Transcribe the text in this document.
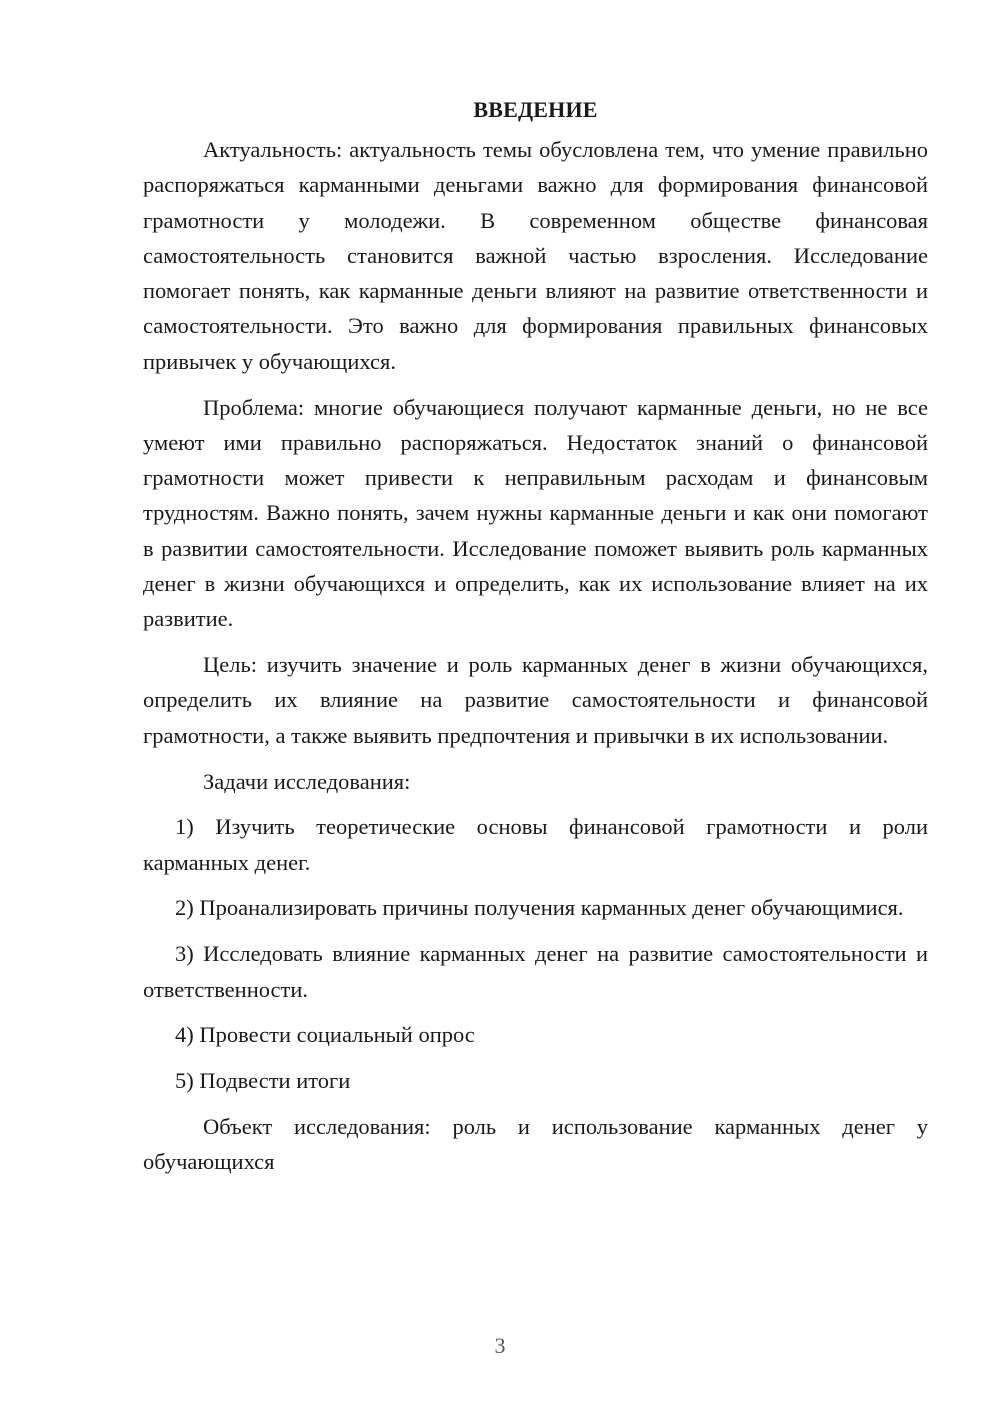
ВВЕДЕНИЕ

Актуальность: актуальность темы обусловлена тем, что умение правильно распоряжаться карманными деньгами важно для формирования финансовой грамотности у молодежи. В современном обществе финансовая самостоятельность становится важной частью взросления. Исследование помогает понять, как карманные деньги влияют на развитие ответственности и самостоятельности. Это важно для формирования правильных финансовых привычек у обучающихся.

Проблема: многие обучающиеся получают карманные деньги, но не все умеют ими правильно распоряжаться. Недостаток знаний о финансовой грамотности может привести к неправильным расходам и финансовым трудностям. Важно понять, зачем нужны карманные деньги и как они помогают в развитии самостоятельности. Исследование поможет выявить роль карманных денег в жизни обучающихся и определить, как их использование влияет на их развитие.

Цель: изучить значение и роль карманных денег в жизни обучающихся, определить их влияние на развитие самостоятельности и финансовой грамотности, а также выявить предпочтения и привычки в их использовании.

Задачи исследования:

1) Изучить теоретические основы финансовой грамотности и роли карманных денег.

2) Проанализировать причины получения карманных денег обучающимися.

3) Исследовать влияние карманных денег на развитие самостоятельности и ответственности.

4) Провести социальный опрос

5) Подвести итоги

Объект исследования: роль и использование карманных денег у обучающихся

3
